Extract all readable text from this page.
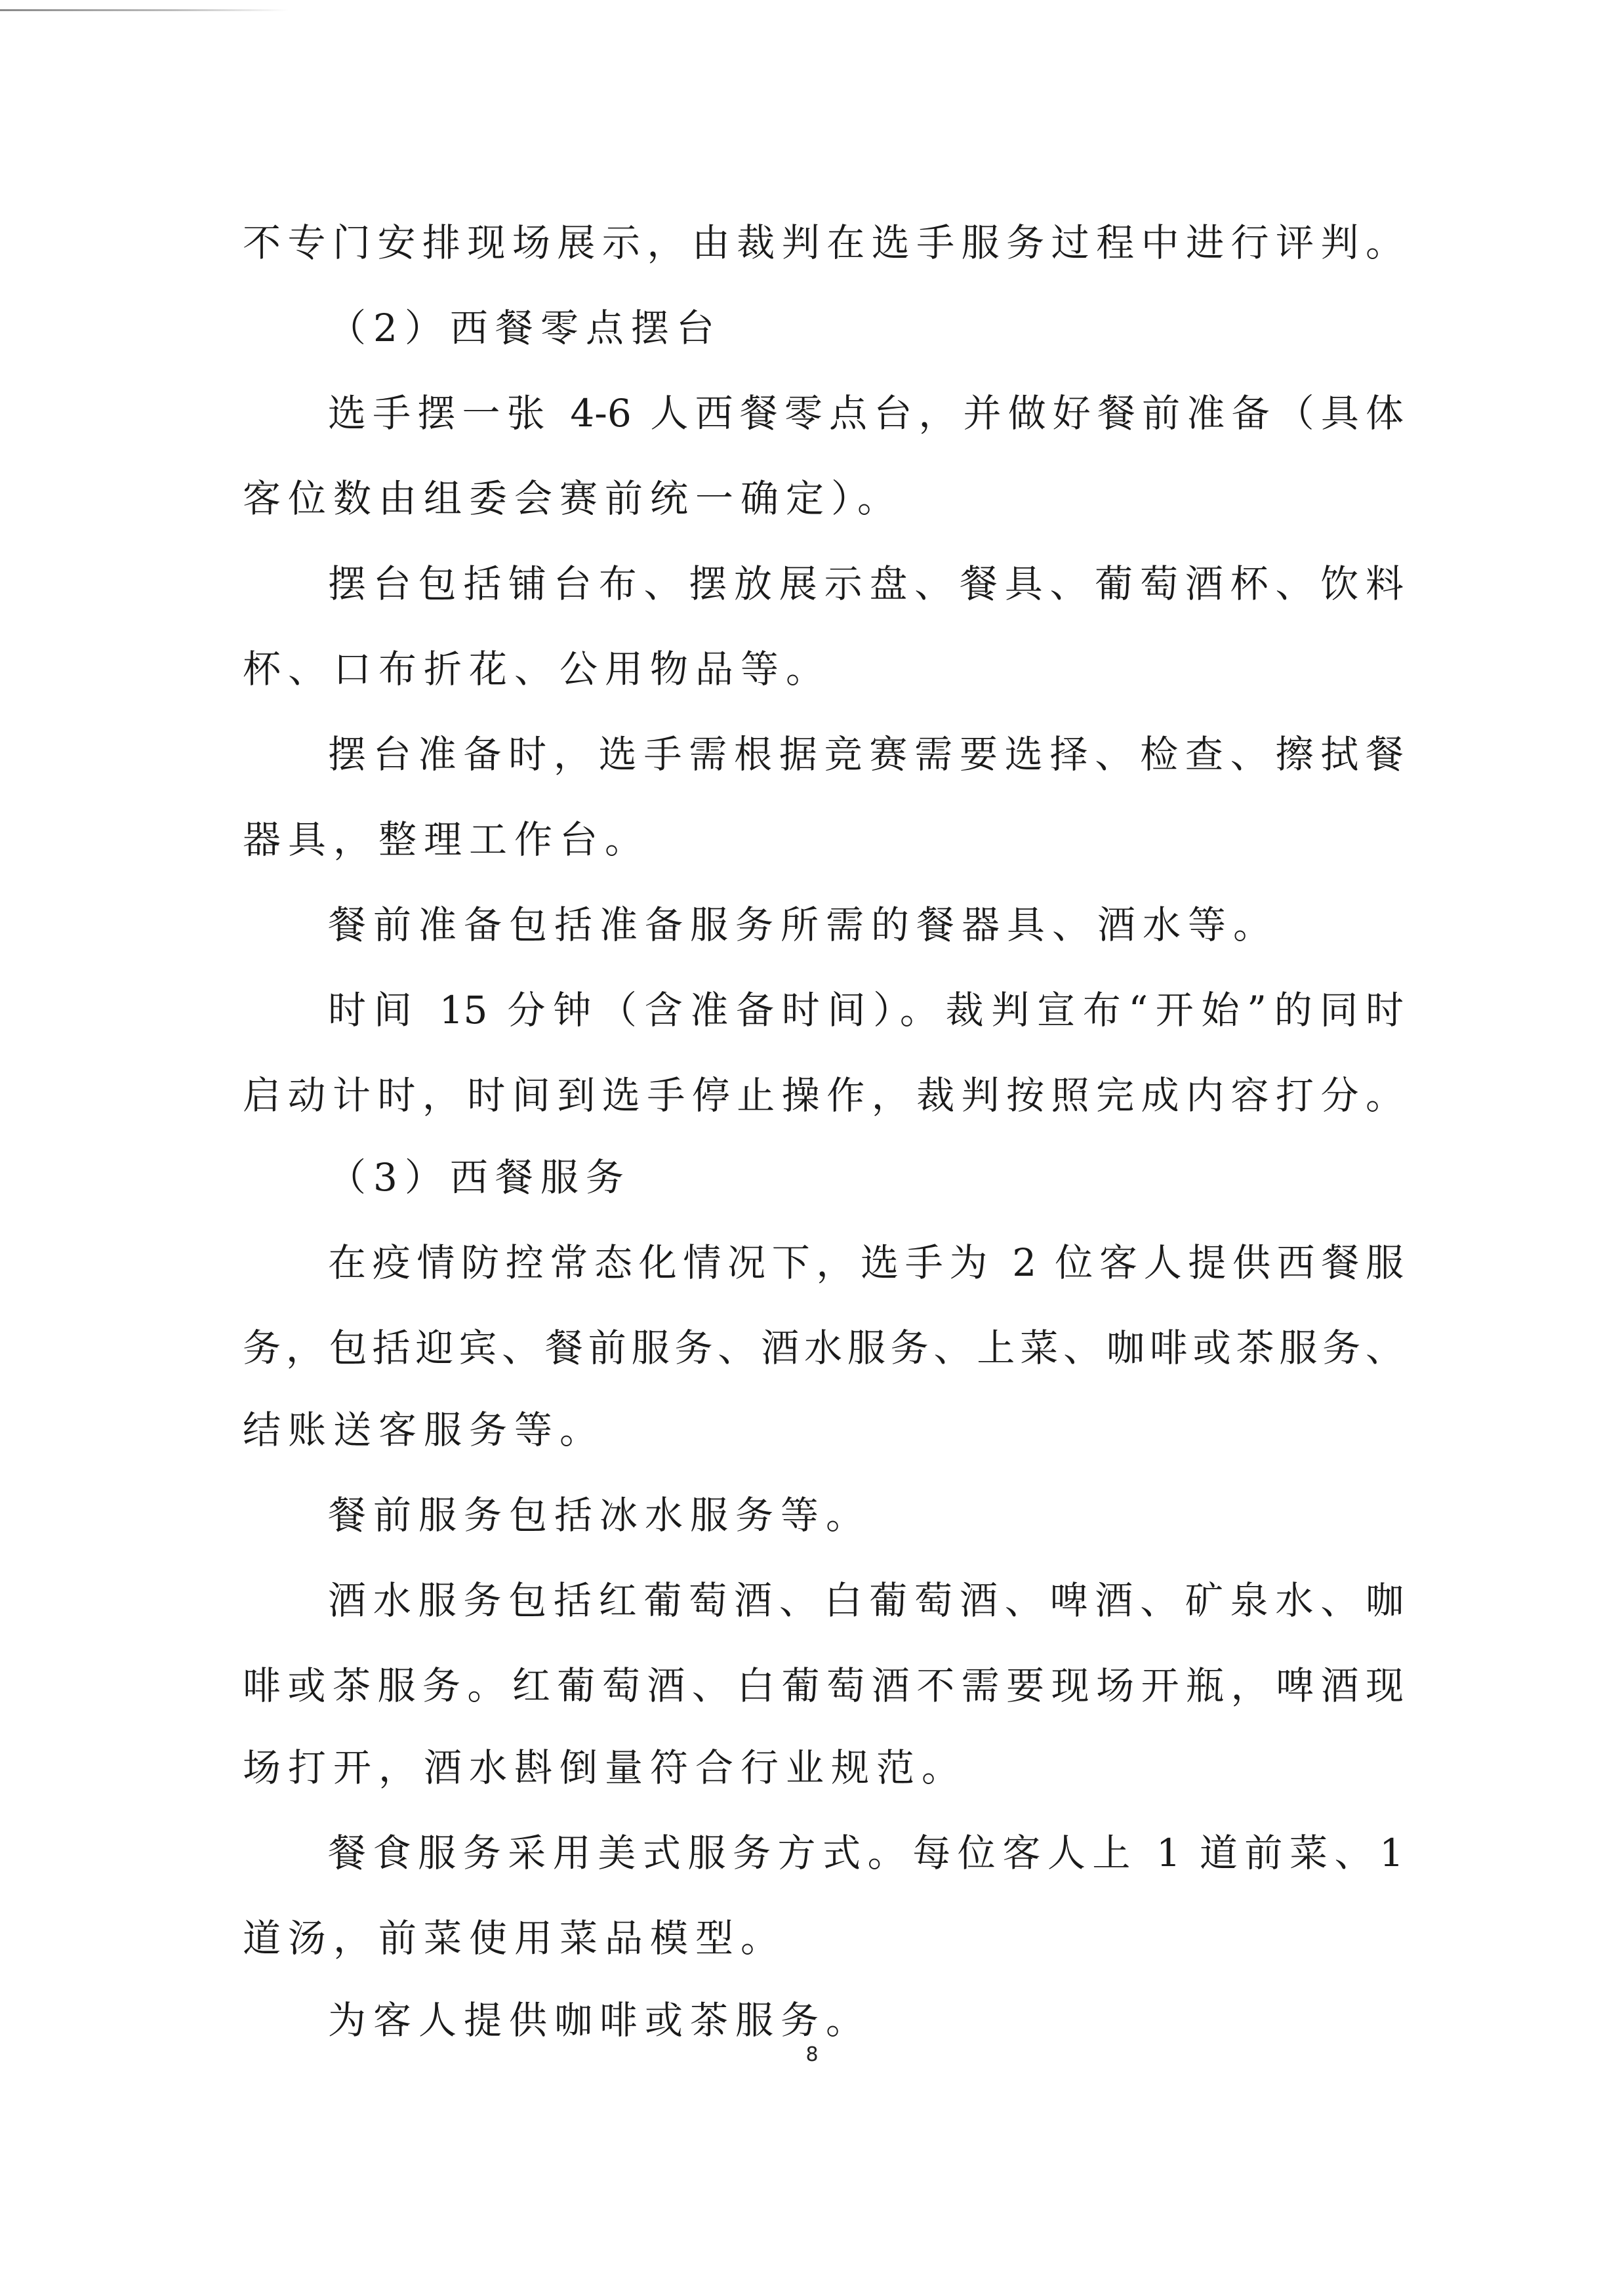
不专门安排现场展示，由裁判在选手服务过程中进行评判。
（2）西餐零点摆台
选手摆一张 4-6 人西餐零点台，并做好餐前准备（具体
客位数由组委会赛前统一确定）。
摆台包括铺台布、摆放展示盘、餐具、葡萄酒杯、饮料
杯、口布折花、公用物品等。
摆台准备时，选手需根据竞赛需要选择、检查、擦拭餐
器具，整理工作台。
餐前准备包括准备服务所需的餐器具、酒水等。
时间 15 分钟（含准备时间）。裁判宣布“开始”的同时
启动计时，时间到选手停止操作，裁判按照完成内容打分。
（3）西餐服务
在疫情防控常态化情况下，选手为 2 位客人提供西餐服
务，包括迎宾、餐前服务、酒水服务、上菜、咖啡或茶服务、
结账送客服务等。
餐前服务包括冰水服务等。
酒水服务包括红葡萄酒、白葡萄酒、啤酒、矿泉水、咖
啡或茶服务。红葡萄酒、白葡萄酒不需要现场开瓶，啤酒现
场打开，酒水斟倒量符合行业规范。
餐食服务采用美式服务方式。每位客人上 1 道前菜、1
道汤，前菜使用菜品模型。
为客人提供咖啡或茶服务。
8
